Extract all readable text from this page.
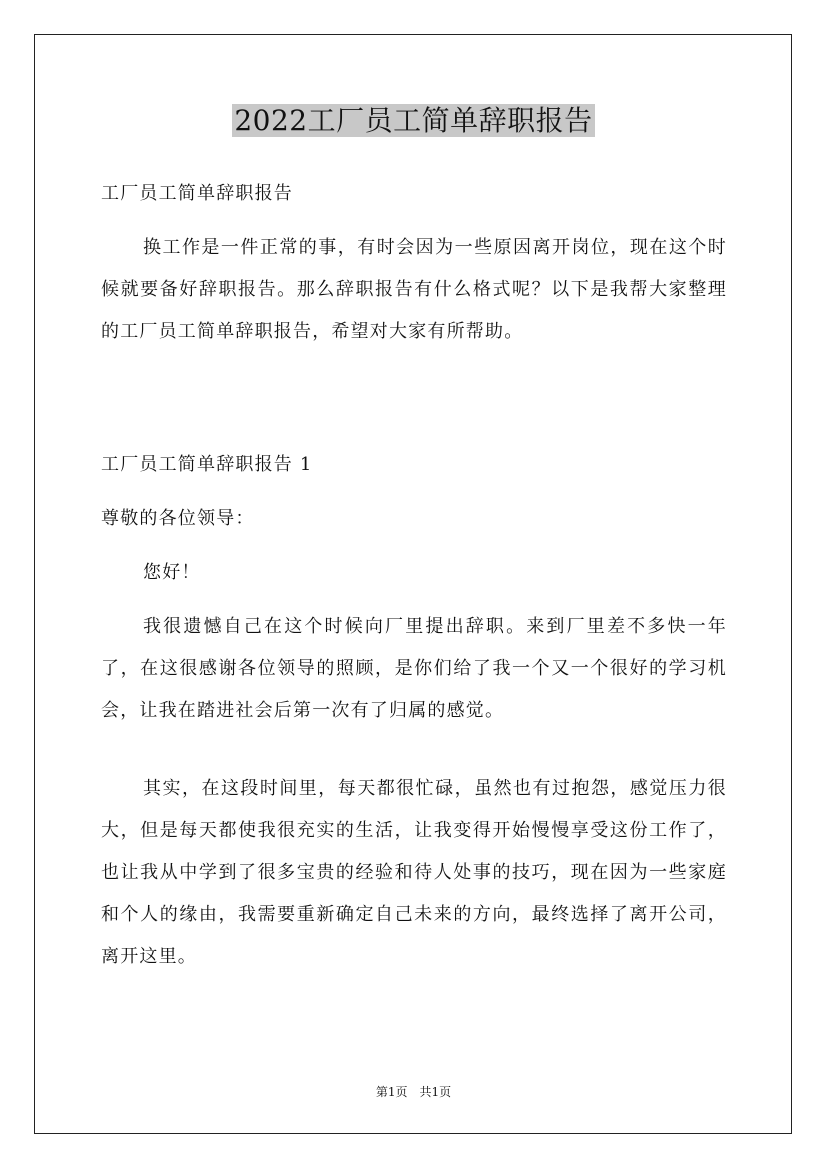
2022工厂员工简单辞职报告

工厂员工简单辞职报告

换工作是一件正常的事，有时会因为一些原因离开岗位，现在这个时候就要备好辞职报告。那么辞职报告有什么格式呢？以下是我帮大家整理的工厂员工简单辞职报告，希望对大家有所帮助。

工厂员工简单辞职报告 1

尊敬的各位领导：

您好！

我很遗憾自己在这个时候向厂里提出辞职。来到厂里差不多快一年了，在这很感谢各位领导的照顾，是你们给了我一个又一个很好的学习机会，让我在踏进社会后第一次有了归属的感觉。

其实，在这段时间里，每天都很忙碌，虽然也有过抱怨，感觉压力很大，但是每天都使我很充实的生活，让我变得开始慢慢享受这份工作了，也让我从中学到了很多宝贵的经验和待人处事的技巧，现在因为一些家庭和个人的缘由，我需要重新确定自己未来的方向，最终选择了离开公司，离开这里。

第1页　共1页
